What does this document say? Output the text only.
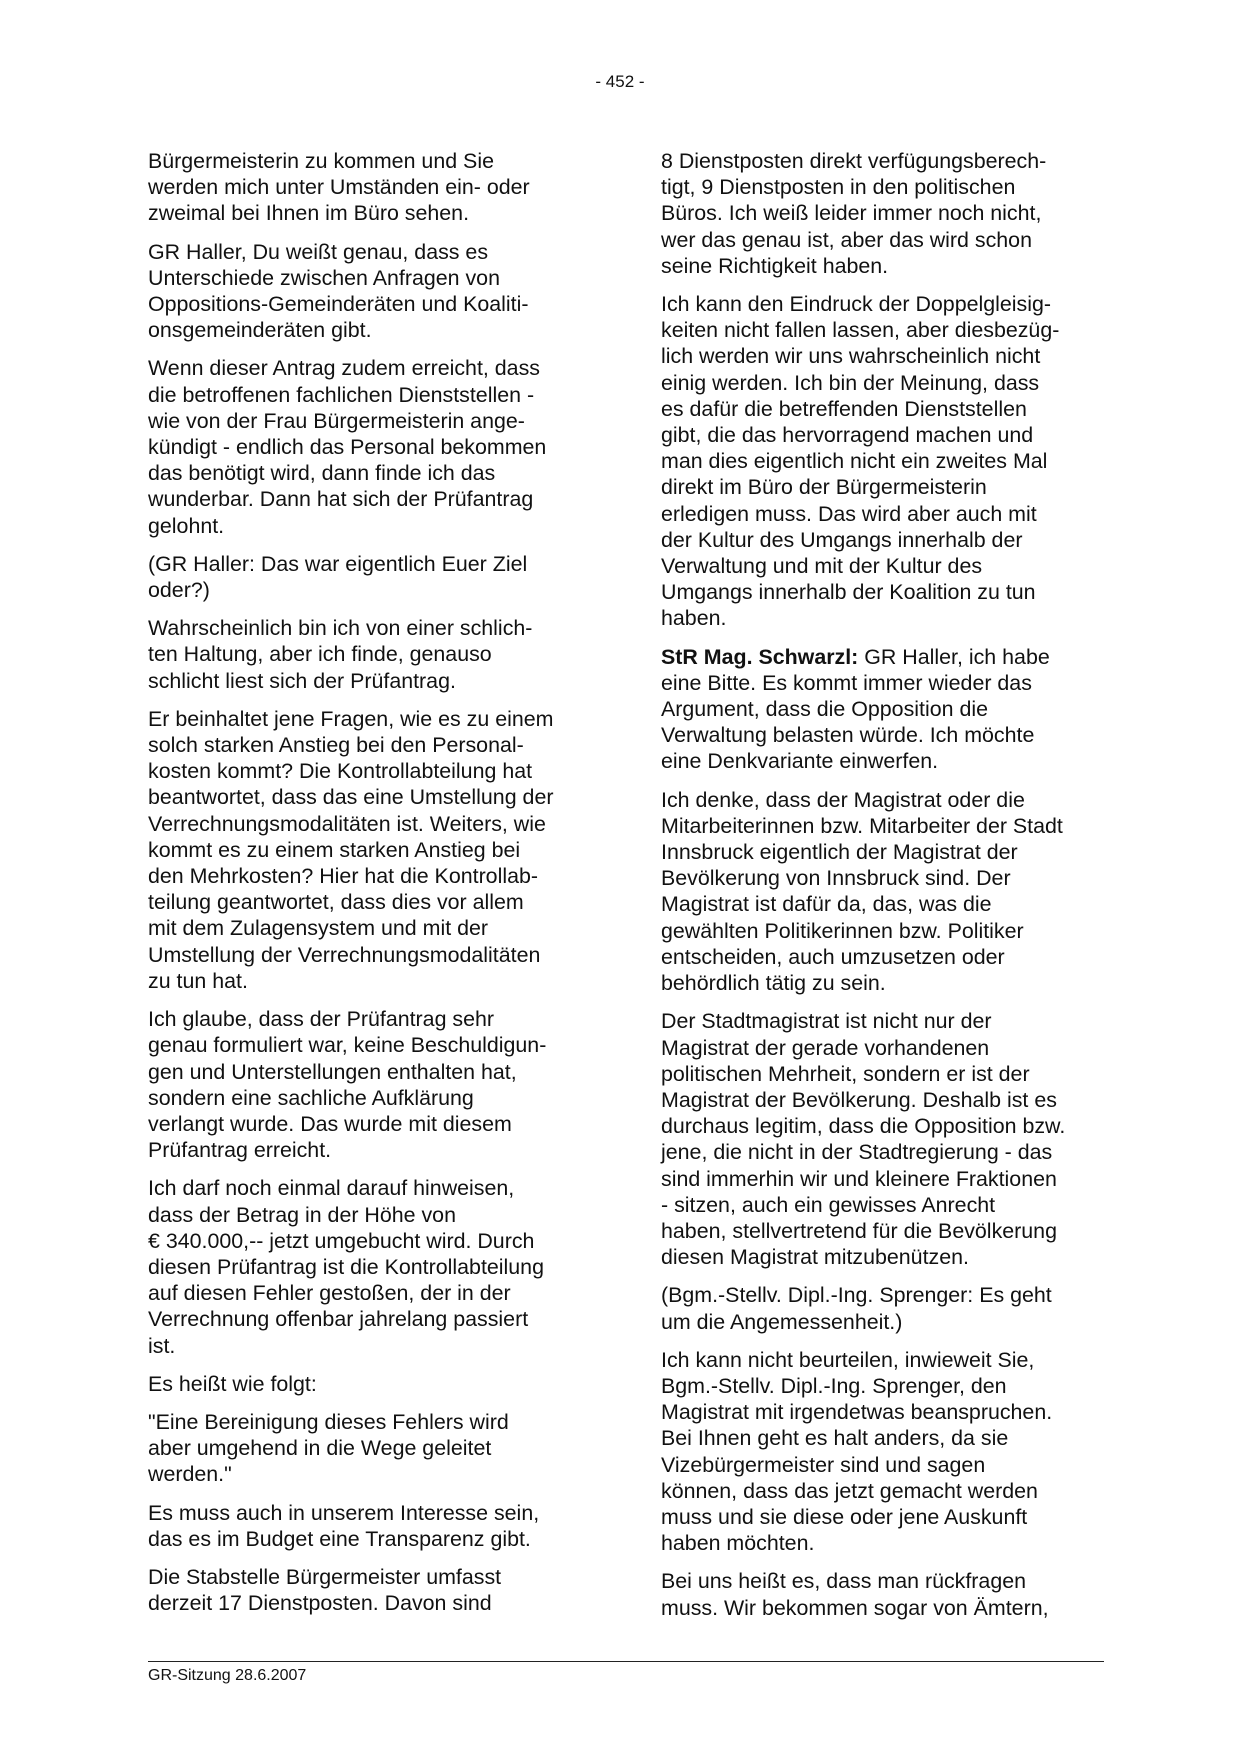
- 452 -

Bürgermeisterin zu kommen und Sie
werden mich unter Umständen ein- oder
zweimal bei Ihnen im Büro sehen.

GR Haller, Du weißt genau, dass es
Unterschiede zwischen Anfragen von
Oppositions-Gemeinderäten und Koaliti-
onsgemeinderäten gibt.

Wenn dieser Antrag zudem erreicht, dass
die betroffenen fachlichen Dienststellen -
wie von der Frau Bürgermeisterin ange-
kündigt - endlich das Personal bekommen
das benötigt wird, dann finde ich das
wunderbar. Dann hat sich der Prüfantrag
gelohnt.

(GR Haller: Das war eigentlich Euer Ziel
oder?)

Wahrscheinlich bin ich von einer schlich-
ten Haltung, aber ich finde, genauso
schlicht liest sich der Prüfantrag.

Er beinhaltet jene Fragen, wie es zu einem
solch starken Anstieg bei den Personal-
kosten kommt? Die Kontrollabteilung hat
beantwortet, dass das eine Umstellung der
Verrechnungsmodalitäten ist. Weiters, wie
kommt es zu einem starken Anstieg bei
den Mehrkosten? Hier hat die Kontrollab-
teilung geantwortet, dass dies vor allem
mit dem Zulagensystem und mit der
Umstellung der Verrechnungsmodalitäten
zu tun hat.

Ich glaube, dass der Prüfantrag sehr
genau formuliert war, keine Beschuldigun-
gen und Unterstellungen enthalten hat,
sondern eine sachliche Aufklärung
verlangt wurde. Das wurde mit diesem
Prüfantrag erreicht.

Ich darf noch einmal darauf hinweisen,
dass der Betrag in der Höhe von
€ 340.000,-- jetzt umgebucht wird. Durch
diesen Prüfantrag ist die Kontrollabteilung
auf diesen Fehler gestoßen, der in der
Verrechnung offenbar jahrelang passiert
ist.

Es heißt wie folgt:

"Eine Bereinigung dieses Fehlers wird
aber umgehend in die Wege geleitet
werden."

Es muss auch in unserem Interesse sein,
das es im Budget eine Transparenz gibt.

Die Stabstelle Bürgermeister umfasst
derzeit 17 Dienstposten. Davon sind

8 Dienstposten direkt verfügungsberech-
tigt, 9 Dienstposten in den politischen
Büros. Ich weiß leider immer noch nicht,
wer das genau ist, aber das wird schon
seine Richtigkeit haben.

Ich kann den Eindruck der Doppelgleisig-
keiten nicht fallen lassen, aber diesbezüg-
lich werden wir uns wahrscheinlich nicht
einig werden. Ich bin der Meinung, dass
es dafür die betreffenden Dienststellen
gibt, die das hervorragend machen und
man dies eigentlich nicht ein zweites Mal
direkt im Büro der Bürgermeisterin
erledigen muss. Das wird aber auch mit
der Kultur des Umgangs innerhalb der
Verwaltung und mit der Kultur des
Umgangs innerhalb der Koalition zu tun
haben.

StR Mag. Schwarzl: GR Haller, ich habe
eine Bitte. Es kommt immer wieder das
Argument, dass die Opposition die
Verwaltung belasten würde. Ich möchte
eine Denkvariante einwerfen.

Ich denke, dass der Magistrat oder die
Mitarbeiterinnen bzw. Mitarbeiter der Stadt
Innsbruck eigentlich der Magistrat der
Bevölkerung von Innsbruck sind. Der
Magistrat ist dafür da, das, was die
gewählten Politikerinnen bzw. Politiker
entscheiden, auch umzusetzen oder
behördlich tätig zu sein.

Der Stadtmagistrat ist nicht nur der
Magistrat der gerade vorhandenen
politischen Mehrheit, sondern er ist der
Magistrat der Bevölkerung. Deshalb ist es
durchaus legitim, dass die Opposition bzw.
jene, die nicht in der Stadtregierung - das
sind immerhin wir und kleinere Fraktionen
- sitzen, auch ein gewisses Anrecht
haben, stellvertretend für die Bevölkerung
diesen Magistrat mitzubenützen.

(Bgm.-Stellv. Dipl.-Ing. Sprenger: Es geht
um die Angemessenheit.)

Ich kann nicht beurteilen, inwieweit Sie,
Bgm.-Stellv. Dipl.-Ing. Sprenger, den
Magistrat mit irgendetwas beanspruchen.
Bei Ihnen geht es halt anders, da sie
Vizebürgermeister sind und sagen
können, dass das jetzt gemacht werden
muss und sie diese oder jene Auskunft
haben möchten.

Bei uns heißt es, dass man rückfragen
muss. Wir bekommen sogar von Ämtern,

GR-Sitzung 28.6.2007
